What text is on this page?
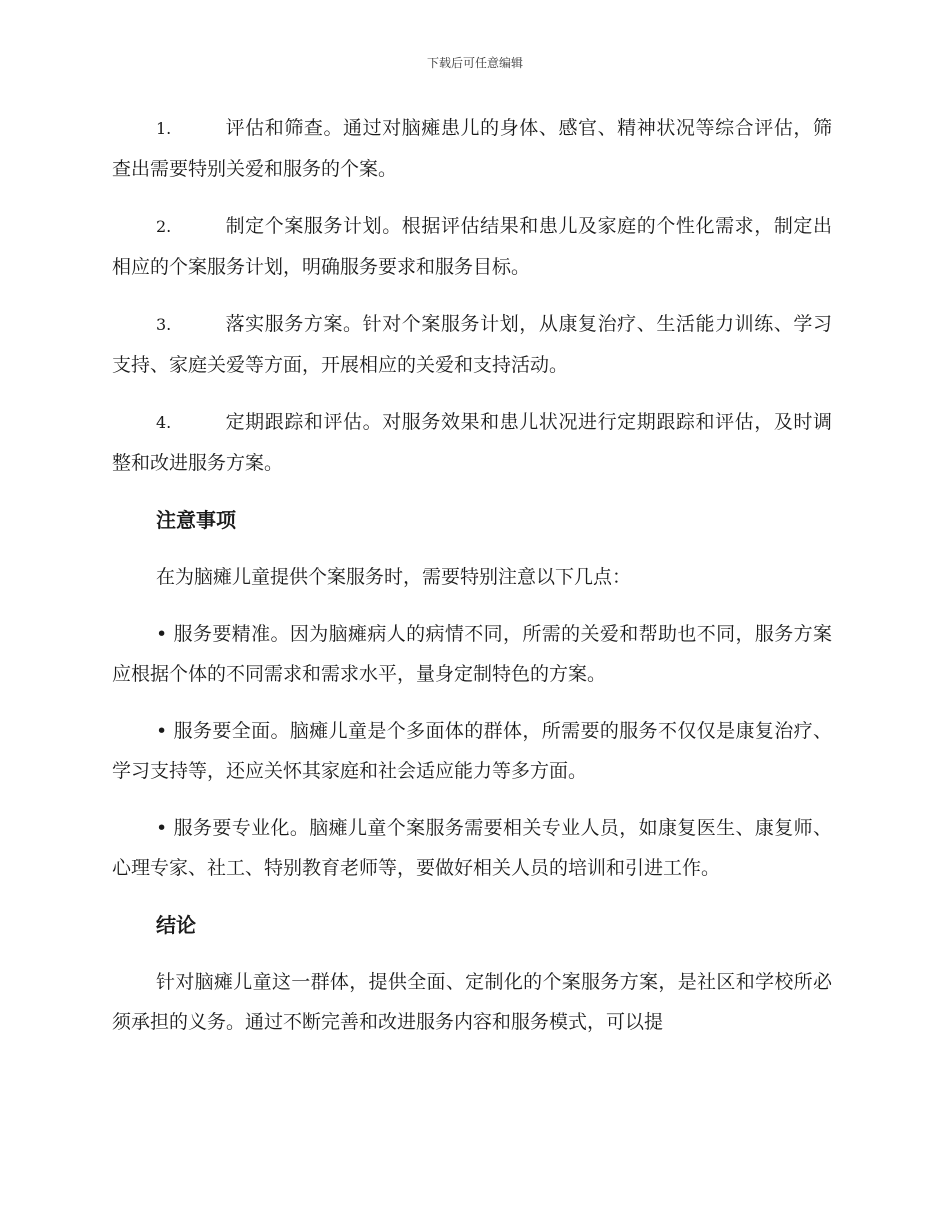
下载后可任意编辑

1.	评估和筛查。通过对脑瘫患儿的身体、感官、精神状况等综合评估，筛查出需要特别关爱和服务的个案。

2.	制定个案服务计划。根据评估结果和患儿及家庭的个性化需求，制定出相应的个案服务计划，明确服务要求和服务目标。

3.	落实服务方案。针对个案服务计划，从康复治疗、生活能力训练、学习支持、家庭关爱等方面，开展相应的关爱和支持活动。

4.	定期跟踪和评估。对服务效果和患儿状况进行定期跟踪和评估，及时调整和改进服务方案。

注意事项

在为脑瘫儿童提供个案服务时，需要特别注意以下几点：

• 服务要精准。因为脑瘫病人的病情不同，所需的关爱和帮助也不同，服务方案应根据个体的不同需求和需求水平，量身定制特色的方案。

• 服务要全面。脑瘫儿童是个多面体的群体，所需要的服务不仅仅是康复治疗、学习支持等，还应关怀其家庭和社会适应能力等多方面。

• 服务要专业化。脑瘫儿童个案服务需要相关专业人员，如康复医生、康复师、心理专家、社工、特别教育老师等，要做好相关人员的培训和引进工作。

结论

针对脑瘫儿童这一群体，提供全面、定制化的个案服务方案，是社区和学校所必须承担的义务。通过不断完善和改进服务内容和服务模式，可以提
